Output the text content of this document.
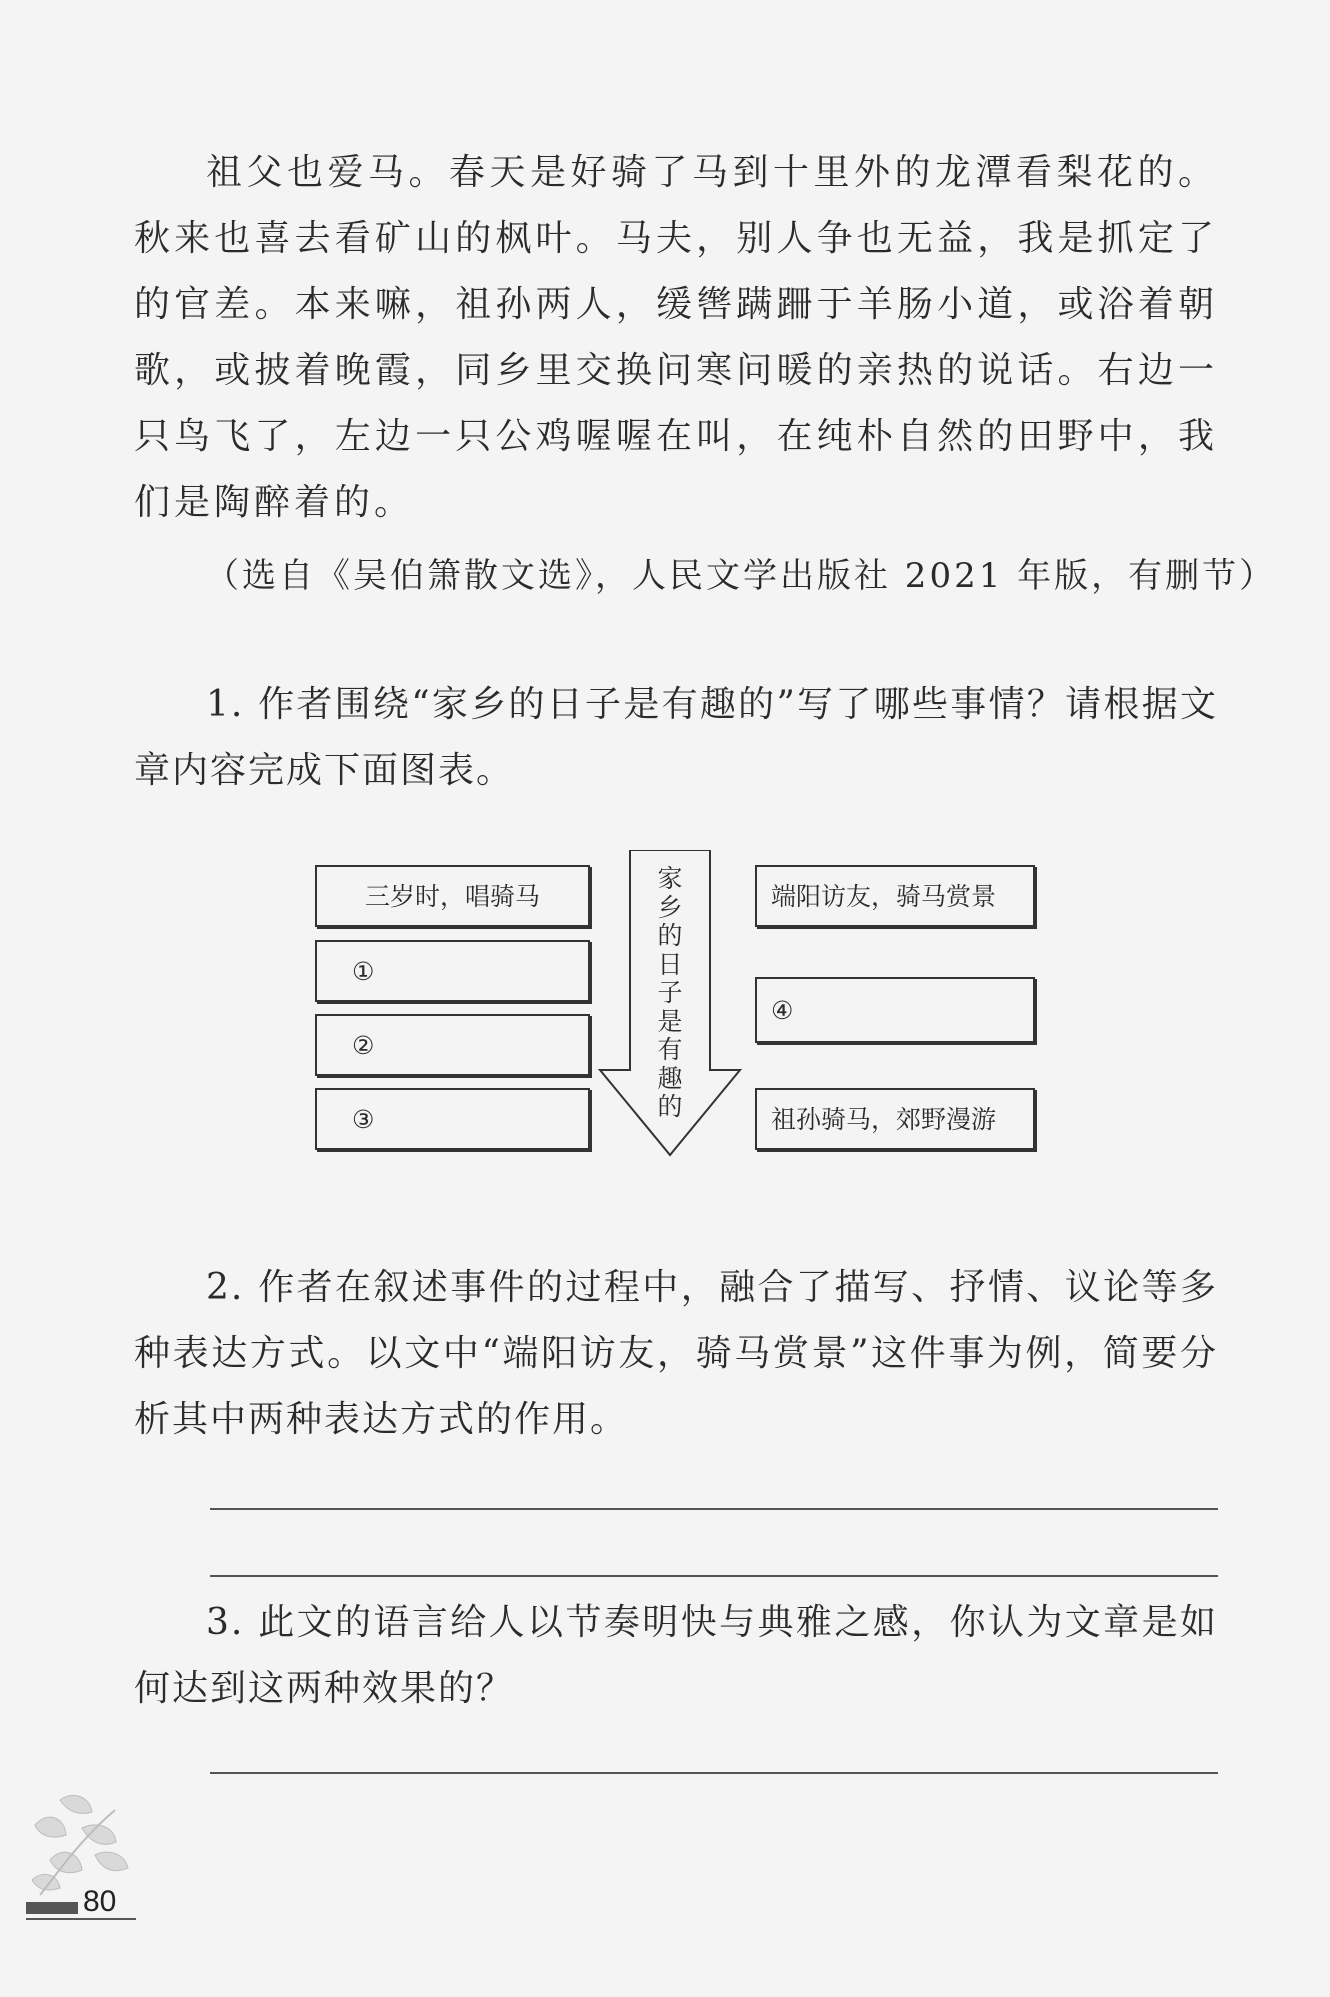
祖父也爱马。春天是好骑了马到十里外的龙潭看梨花的。秋来也喜去看矿山的枫叶。马夫，别人争也无益，我是抓定了的官差。本来嘛，祖孙两人，缓辔蹒跚于羊肠小道，或浴着朝歌，或披着晚霞，同乡里交换问寒问暖的亲热的说话。右边一只鸟飞了，左边一只公鸡喔喔在叫，在纯朴自然的田野中，我们是陶醉着的。

（选自《吴伯箫散文选》，人民文学出版社 2021 年版，有删节）

1. 作者围绕“家乡的日子是有趣的”写了哪些事情？请根据文章内容完成下面图表。

家乡的日子是有趣的
三岁时，唱骑马
①
②
③
端阳访友，骑马赏景
④
祖孙骑马，郊野漫游

2. 作者在叙述事件的过程中，融合了描写、抒情、议论等多种表达方式。以文中“端阳访友，骑马赏景”这件事为例，简要分析其中两种表达方式的作用。

3. 此文的语言给人以节奏明快与典雅之感，你认为文章是如何达到这两种效果的？

80
